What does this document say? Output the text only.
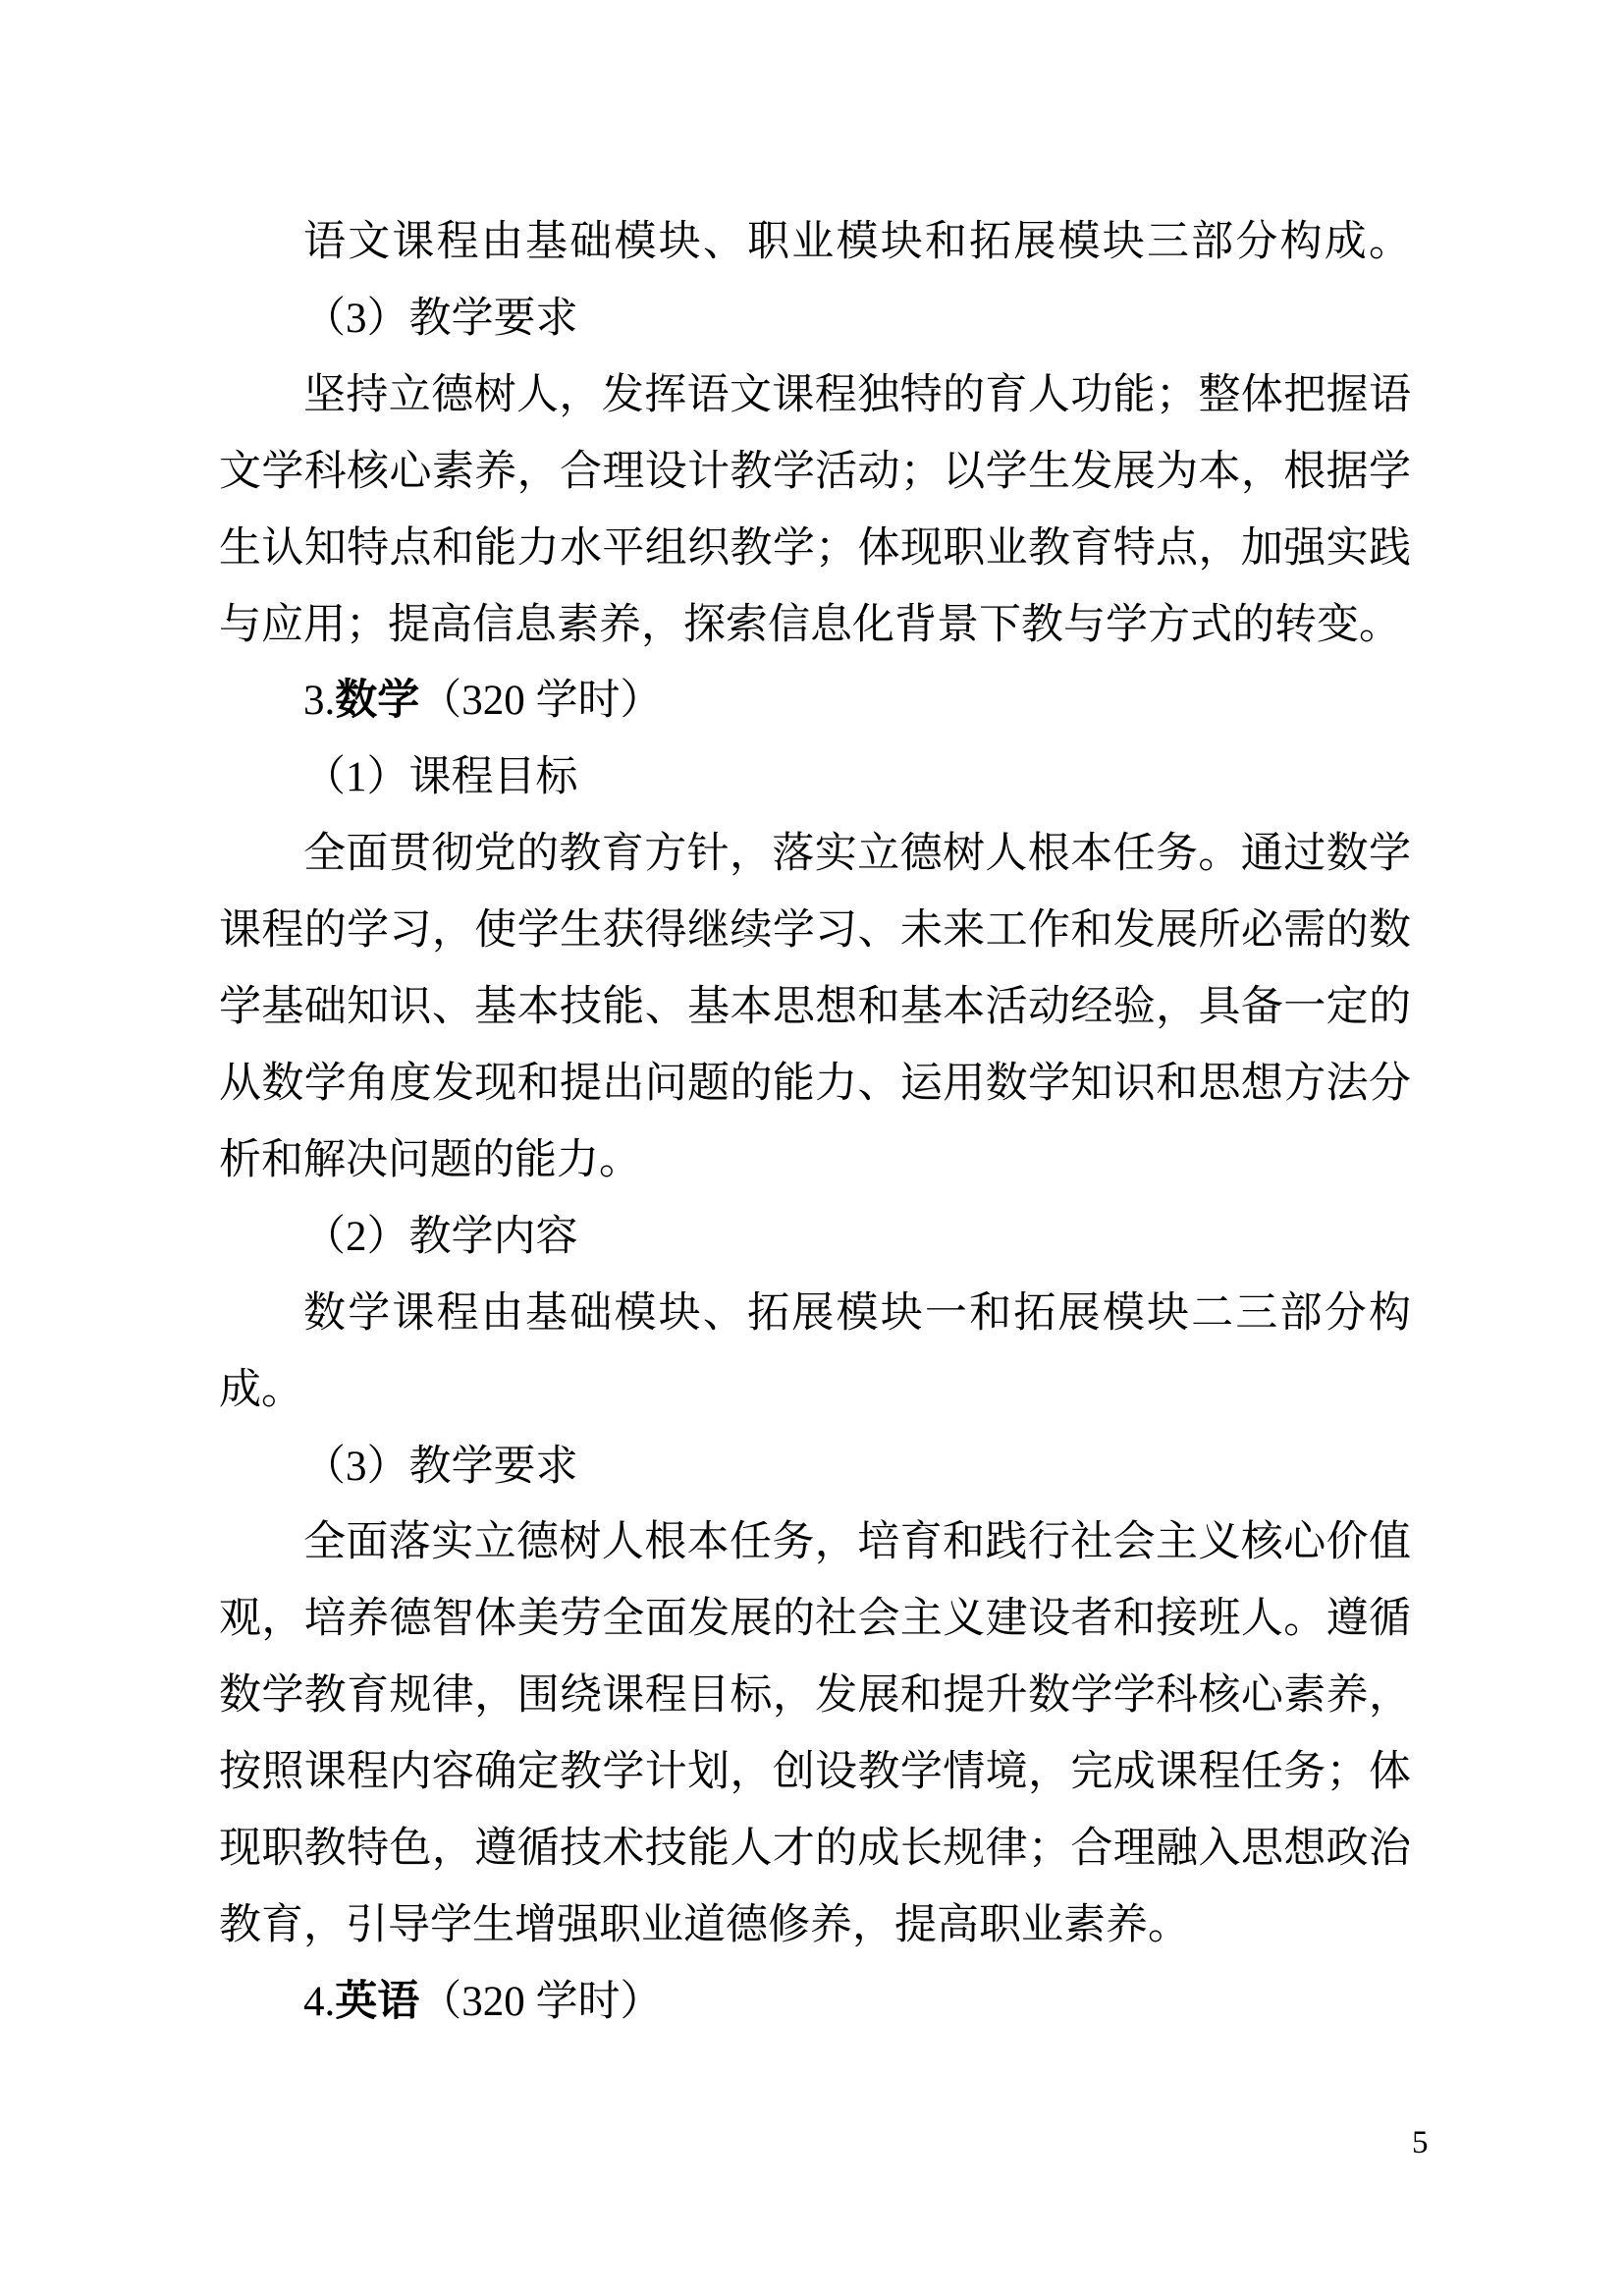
语文课程由基础模块、职业模块和拓展模块三部分构成。

（3）教学要求

坚持立德树人，发挥语文课程独特的育人功能；整体把握语文学科核心素养，合理设计教学活动；以学生发展为本，根据学生认知特点和能力水平组织教学；体现职业教育特点，加强实践与应用；提高信息素养，探索信息化背景下教与学方式的转变。

3.数学（320 学时）

（1）课程目标

全面贯彻党的教育方针，落实立德树人根本任务。通过数学课程的学习，使学生获得继续学习、未来工作和发展所必需的数学基础知识、基本技能、基本思想和基本活动经验，具备一定的从数学角度发现和提出问题的能力、运用数学知识和思想方法分析和解决问题的能力。

（2）教学内容

数学课程由基础模块、拓展模块一和拓展模块二三部分构成。

（3）教学要求

全面落实立德树人根本任务，培育和践行社会主义核心价值观，培养德智体美劳全面发展的社会主义建设者和接班人。遵循数学教育规律，围绕课程目标，发展和提升数学学科核心素养，按照课程内容确定教学计划，创设教学情境，完成课程任务；体现职教特色，遵循技术技能人才的成长规律；合理融入思想政治教育，引导学生增强职业道德修养，提高职业素养。

4.英语（320 学时）

5
